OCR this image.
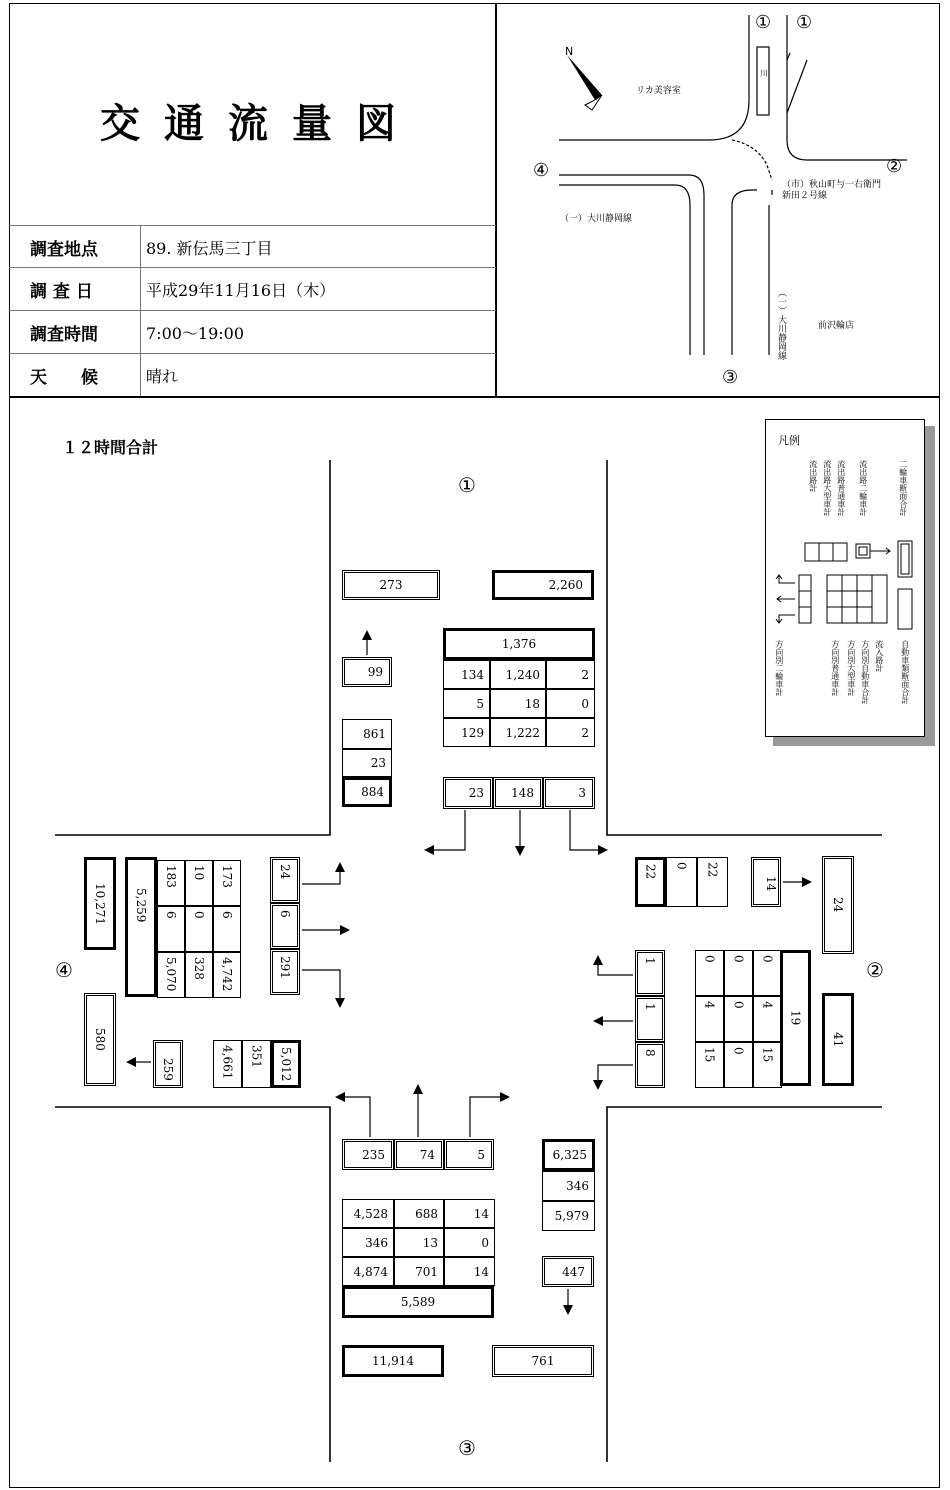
交通流量図
調査地点	89. 新伝馬三丁目
調 査 日	平成29年11月16日（木）
調査時間	7:00〜19:00
天　　候	晴れ
N
リカ美容室
（一）大川静岡線
（市）秋山町与一右衛門
新田２号線
（一）大川静岡線	前沢輪店
川
① ①
②
③
④
１２時間合計
①
②
③
④
273	2,260
99
1,376
134	1,240	2
5	18	0
129	1,222	2
861
23
884	23	148	3
22	0	22
14
24
0	0	0
4	0	4
15	0	15
19
41
1
1
8
235	74	5	6,325
346
5,979
4,528	688	14
346	13	0
4,874	701	14
5,589
447
11,914	761
10,271	5,259
183	10	173
6	0	6
5,070	328	4,742
24
6
291
580
259	4,661	351	5,012
凡例
流出路計 流出路大型車計 流出路普通車計 流出路二輪車計	二輪車断面合計
方向別二輪車計	方向別普通車計 方向別大型車計 方向別自動車合計 流入路計 自動車類断面合計
